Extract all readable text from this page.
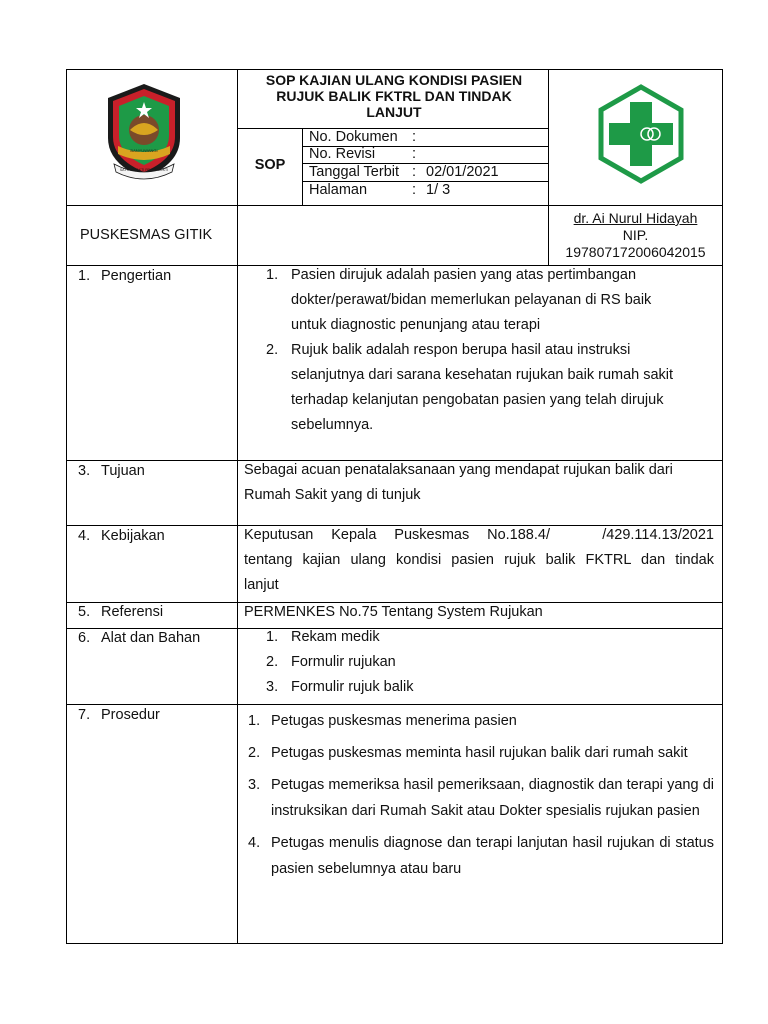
BANYUWANGI
SATYA BHAKTI PRAJA MUKTI
SOP KAJIAN ULANG KONDISI PASIEN
RUJUK BALIK FKTRL DAN TINDAK
LANJUT
SOP
No. Dokumen :
No. Revisi	:
Tanggal Terbit : 02/01/2021
Halaman	: 1/ 3
PUSKESMAS GITIK
dr. Ai Nurul Hidayah
NIP.
197807172006042015
1. Pengertian	1. Pasien dirujuk adalah pasien yang atas pertimbangan
dokter/perawat/bidan memerlukan pelayanan di RS baik
untuk diagnostic penunjang atau terapi
2. Rujuk balik adalah respon berupa hasil atau instruksi
selanjutnya dari sarana kesehatan rujukan baik rumah sakit
terhadap kelanjutan pengobatan pasien yang telah dirujuk
sebelumnya.
3. Tujuan	Sebagai acuan penatalaksanaan yang mendapat rujukan balik dari
Rumah Sakit yang di tunjuk
4. Kebijakan	Keputusan Kepala Puskesmas No.188.4/	/429.114.13/2021
tentang kajian ulang kondisi pasien rujuk balik FKTRL dan tindak
lanjut
5. Referensi	PERMENKES No.75 Tentang System Rujukan
6. Alat dan Bahan	1. Rekam medik
2. Formulir rujukan
3. Formulir rujuk balik
7. Prosedur	1. Petugas puskesmas menerima pasien
2. Petugas puskesmas meminta hasil rujukan balik dari rumah sakit
3. Petugas memeriksa hasil pemeriksaan, diagnostik dan terapi yang di instruksikan dari Rumah Sakit atau Dokter spesialis rujukan pasien
4. Petugas menulis diagnose dan terapi lanjutan hasil rujukan di status pasien sebelumnya atau baru
